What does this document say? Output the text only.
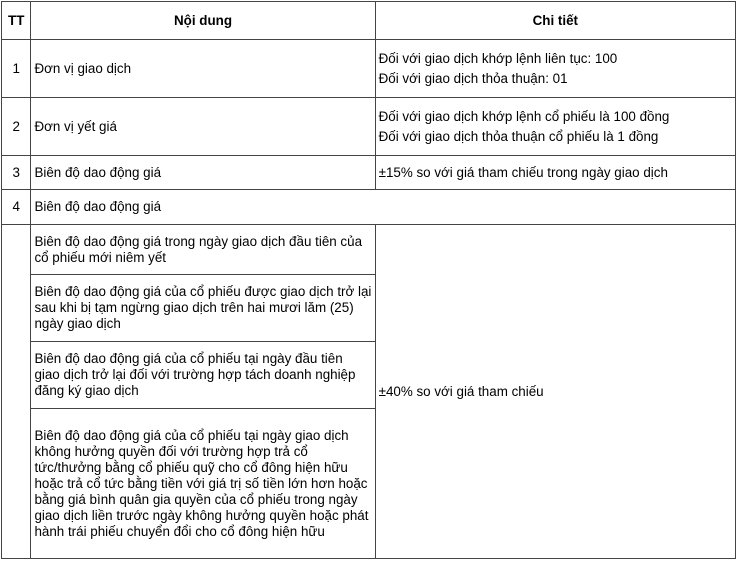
TT	Nội dung	Chi tiết
1	Đơn vị giao dịch	Đối với giao dịch khớp lệnh liên tục: 100
Đối với giao dịch thỏa thuận: 01

2	Đơn vị yết giá	Đối với giao dịch khớp lệnh cổ phiếu là 100 đồng
Đối với giao dịch thỏa thuận cổ phiếu là 1 đồng

3	Biên độ dao động giá	±15% so với giá tham chiếu trong ngày giao dịch
4	Biên độ dao động giá	
	Biên độ dao động giá trong ngày giao dịch đầu tiên của cổ phiếu mới niêm yết	±40% so với giá tham chiếu
	Biên độ dao động giá của cổ phiếu được giao dịch trở lại sau khi bị tạm ngừng giao dịch trên hai mươi lăm (25) ngày giao dịch	
	Biên độ dao động giá của cổ phiếu tại ngày đầu tiên giao dịch trở lại đối với trường hợp tách doanh nghiệp đăng ký giao dịch	
	Biên độ dao động giá của cổ phiếu tại ngày giao dịch không hưởng quyền đối với trường hợp trả cổ tức/thưởng bằng cổ phiếu quỹ cho cổ đông hiện hữu hoặc trả cổ tức bằng tiền với giá trị số tiền lớn hơn hoặc bằng giá bình quân gia quyền của cổ phiếu trong ngày giao dịch liền trước ngày không hưởng quyền hoặc phát hành trái phiếu chuyển đổi cho cổ đông hiện hữu	
